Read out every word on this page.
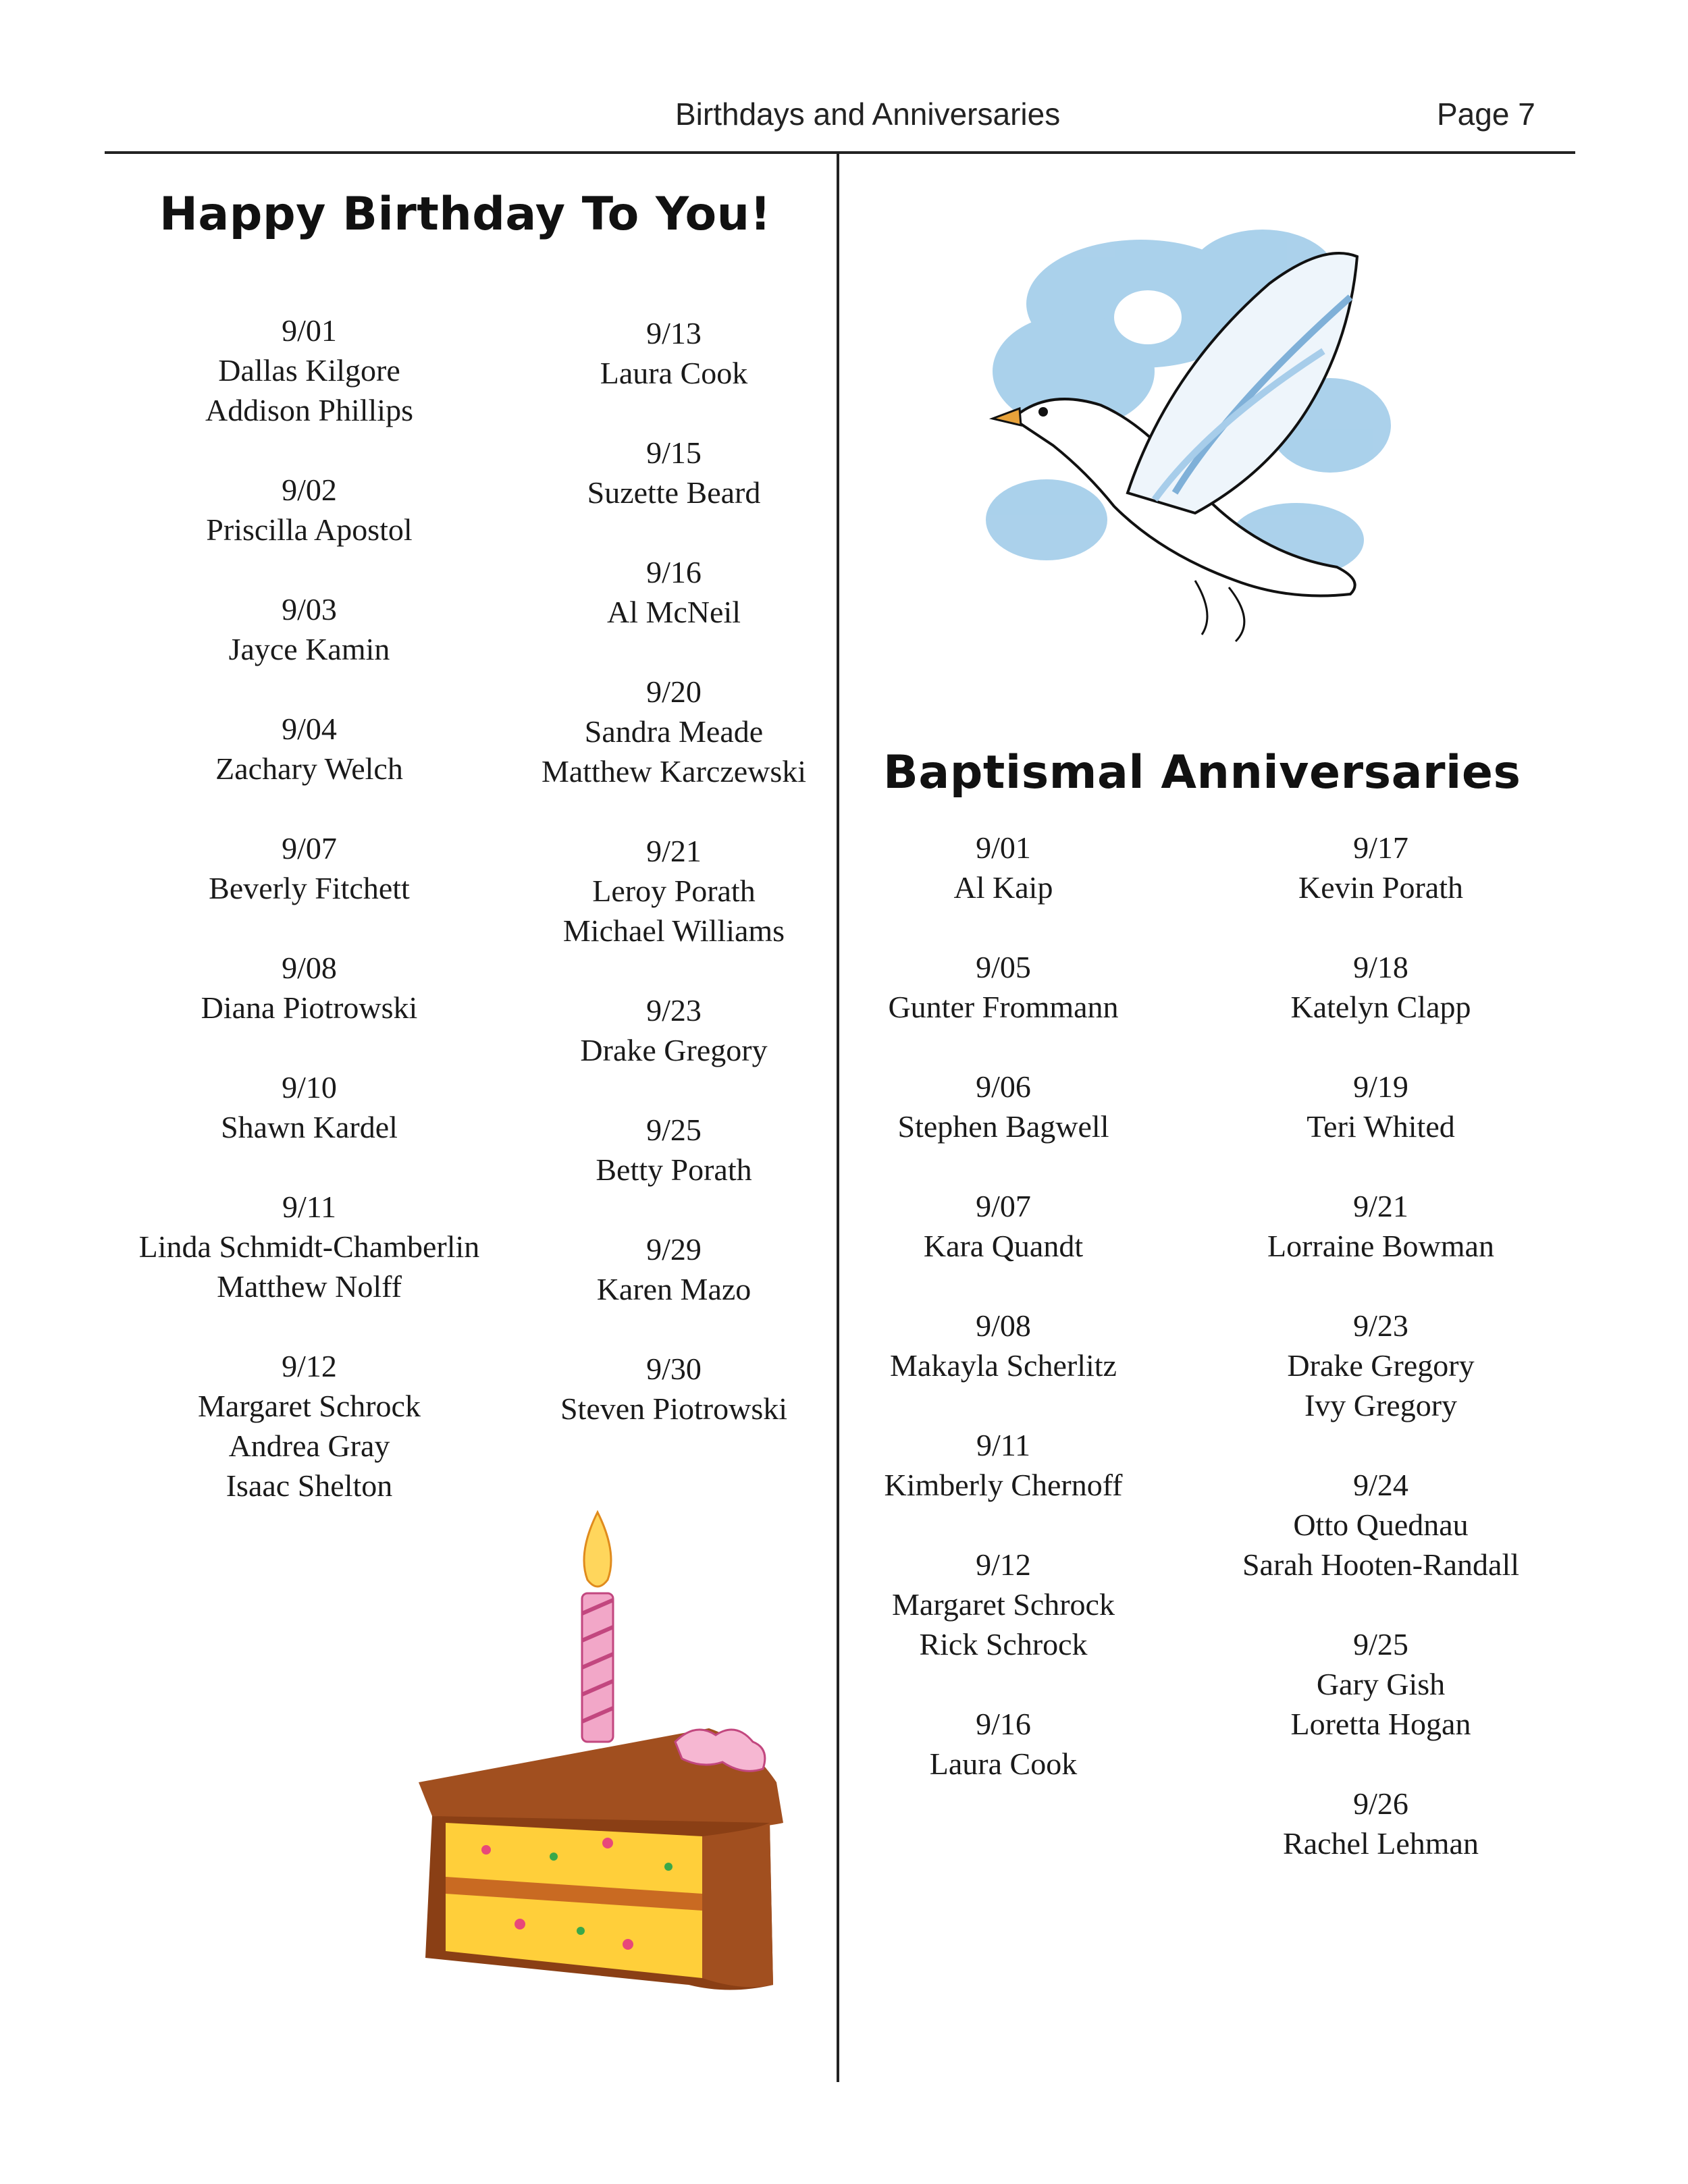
Birthdays and Anniversaries	Page 7
Happy Birthday To You!
9/01
Dallas Kilgore
Addison Phillips
9/02
Priscilla Apostol
9/03
Jayce Kamin
9/04
Zachary Welch
9/07
Beverly Fitchett
9/08
Diana Piotrowski
9/10
Shawn Kardel
9/11
Linda Schmidt-Chamberlin
Matthew Nolff
9/12
Margaret Schrock
Andrea Gray
Isaac Shelton
9/13
Laura Cook
9/15
Suzette Beard
9/16
Al McNeil
9/20
Sandra Meade
Matthew Karczewski
9/21
Leroy Porath
Michael Williams
9/23
Drake Gregory
9/25
Betty Porath
9/29
Karen Mazo
9/30
Steven Piotrowski
Baptismal Anniversaries
9/01
Al Kaip
9/05
Gunter Frommann
9/06
Stephen Bagwell
9/07
Kara Quandt
9/08
Makayla Scherlitz
9/11
Kimberly Chernoff
9/12
Margaret Schrock
Rick Schrock
9/16
Laura Cook
9/17
Kevin Porath
9/18
Katelyn Clapp
9/19
Teri Whited
9/21
Lorraine Bowman
9/23
Drake Gregory
Ivy Gregory
9/24
Otto Quednau
Sarah Hooten-Randall
9/25
Gary Gish
Loretta Hogan
9/26
Rachel Lehman
